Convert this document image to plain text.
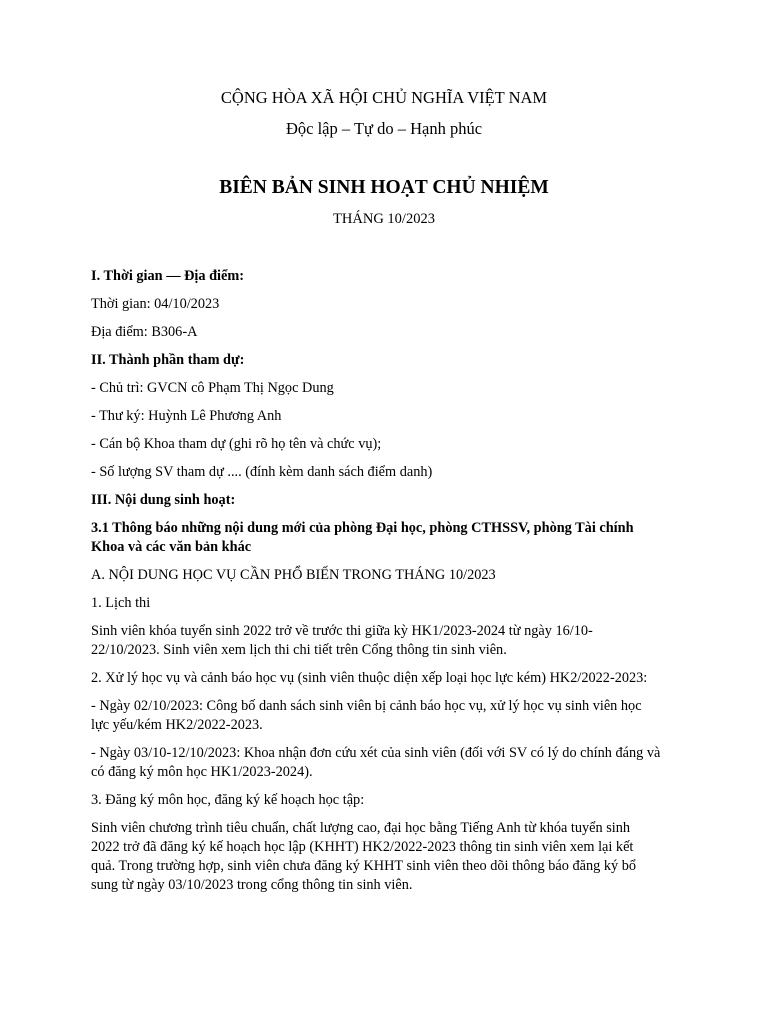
CỘNG HÒA XÃ HỘI CHỦ NGHĨA VIỆT NAM
Độc lập – Tự do – Hạnh phúc
BIÊN BẢN SINH HOẠT CHỦ NHIỆM
THÁNG 10/2023

I. Thời gian — Địa điểm:

Thời gian: 04/10/2023

Địa điểm: B306-A

II. Thành phần tham dự:

- Chủ trì: GVCN cô Phạm Thị Ngọc Dung

- Thư ký: Huỳnh Lê Phương Anh

- Cán bộ Khoa tham dự (ghi rõ họ tên và chức vụ);

- Số lượng SV tham dự .... (đính kèm danh sách điểm danh)

III. Nội dung sinh hoạt:

3.1 Thông báo những nội dung mới của phòng Đại học, phòng CTHSSV, phòng Tài chính Khoa và các văn bản khác

A. NỘI DUNG HỌC VỤ CẦN PHỔ BIẾN TRONG THÁNG 10/2023

1. Lịch thi

Sinh viên khóa tuyển sinh 2022 trở về trước thi giữa kỳ HK1/2023-2024 từ ngày 16/10-22/10/2023. Sinh viên xem lịch thi chi tiết trên Cổng thông tin sinh viên.

2. Xử lý học vụ và cảnh báo học vụ (sinh viên thuộc diện xếp loại học lực kém) HK2/2022-2023:

- Ngày 02/10/2023: Công bố danh sách sinh viên bị cảnh báo học vụ, xử lý học vụ sinh viên học lực yếu/kém HK2/2022-2023.

- Ngày 03/10-12/10/2023: Khoa nhận đơn cứu xét của sinh viên (đối với SV có lý do chính đáng và có đăng ký môn học HK1/2023-2024).

3. Đăng ký môn học, đăng ký kế hoạch học tập:

Sinh viên chương trình tiêu chuẩn, chất lượng cao, đại học bằng Tiếng Anh từ khóa tuyển sinh 2022 trở đã đăng ký kế hoạch học lập (KHHT) HK2/2022-2023 thông tin sinh viên xem lại kết quả. Trong trường hợp, sinh viên chưa đăng ký KHHT sinh viên theo dõi thông báo đăng ký bổ sung từ ngày 03/10/2023 trong cổng thông tin sinh viên.
